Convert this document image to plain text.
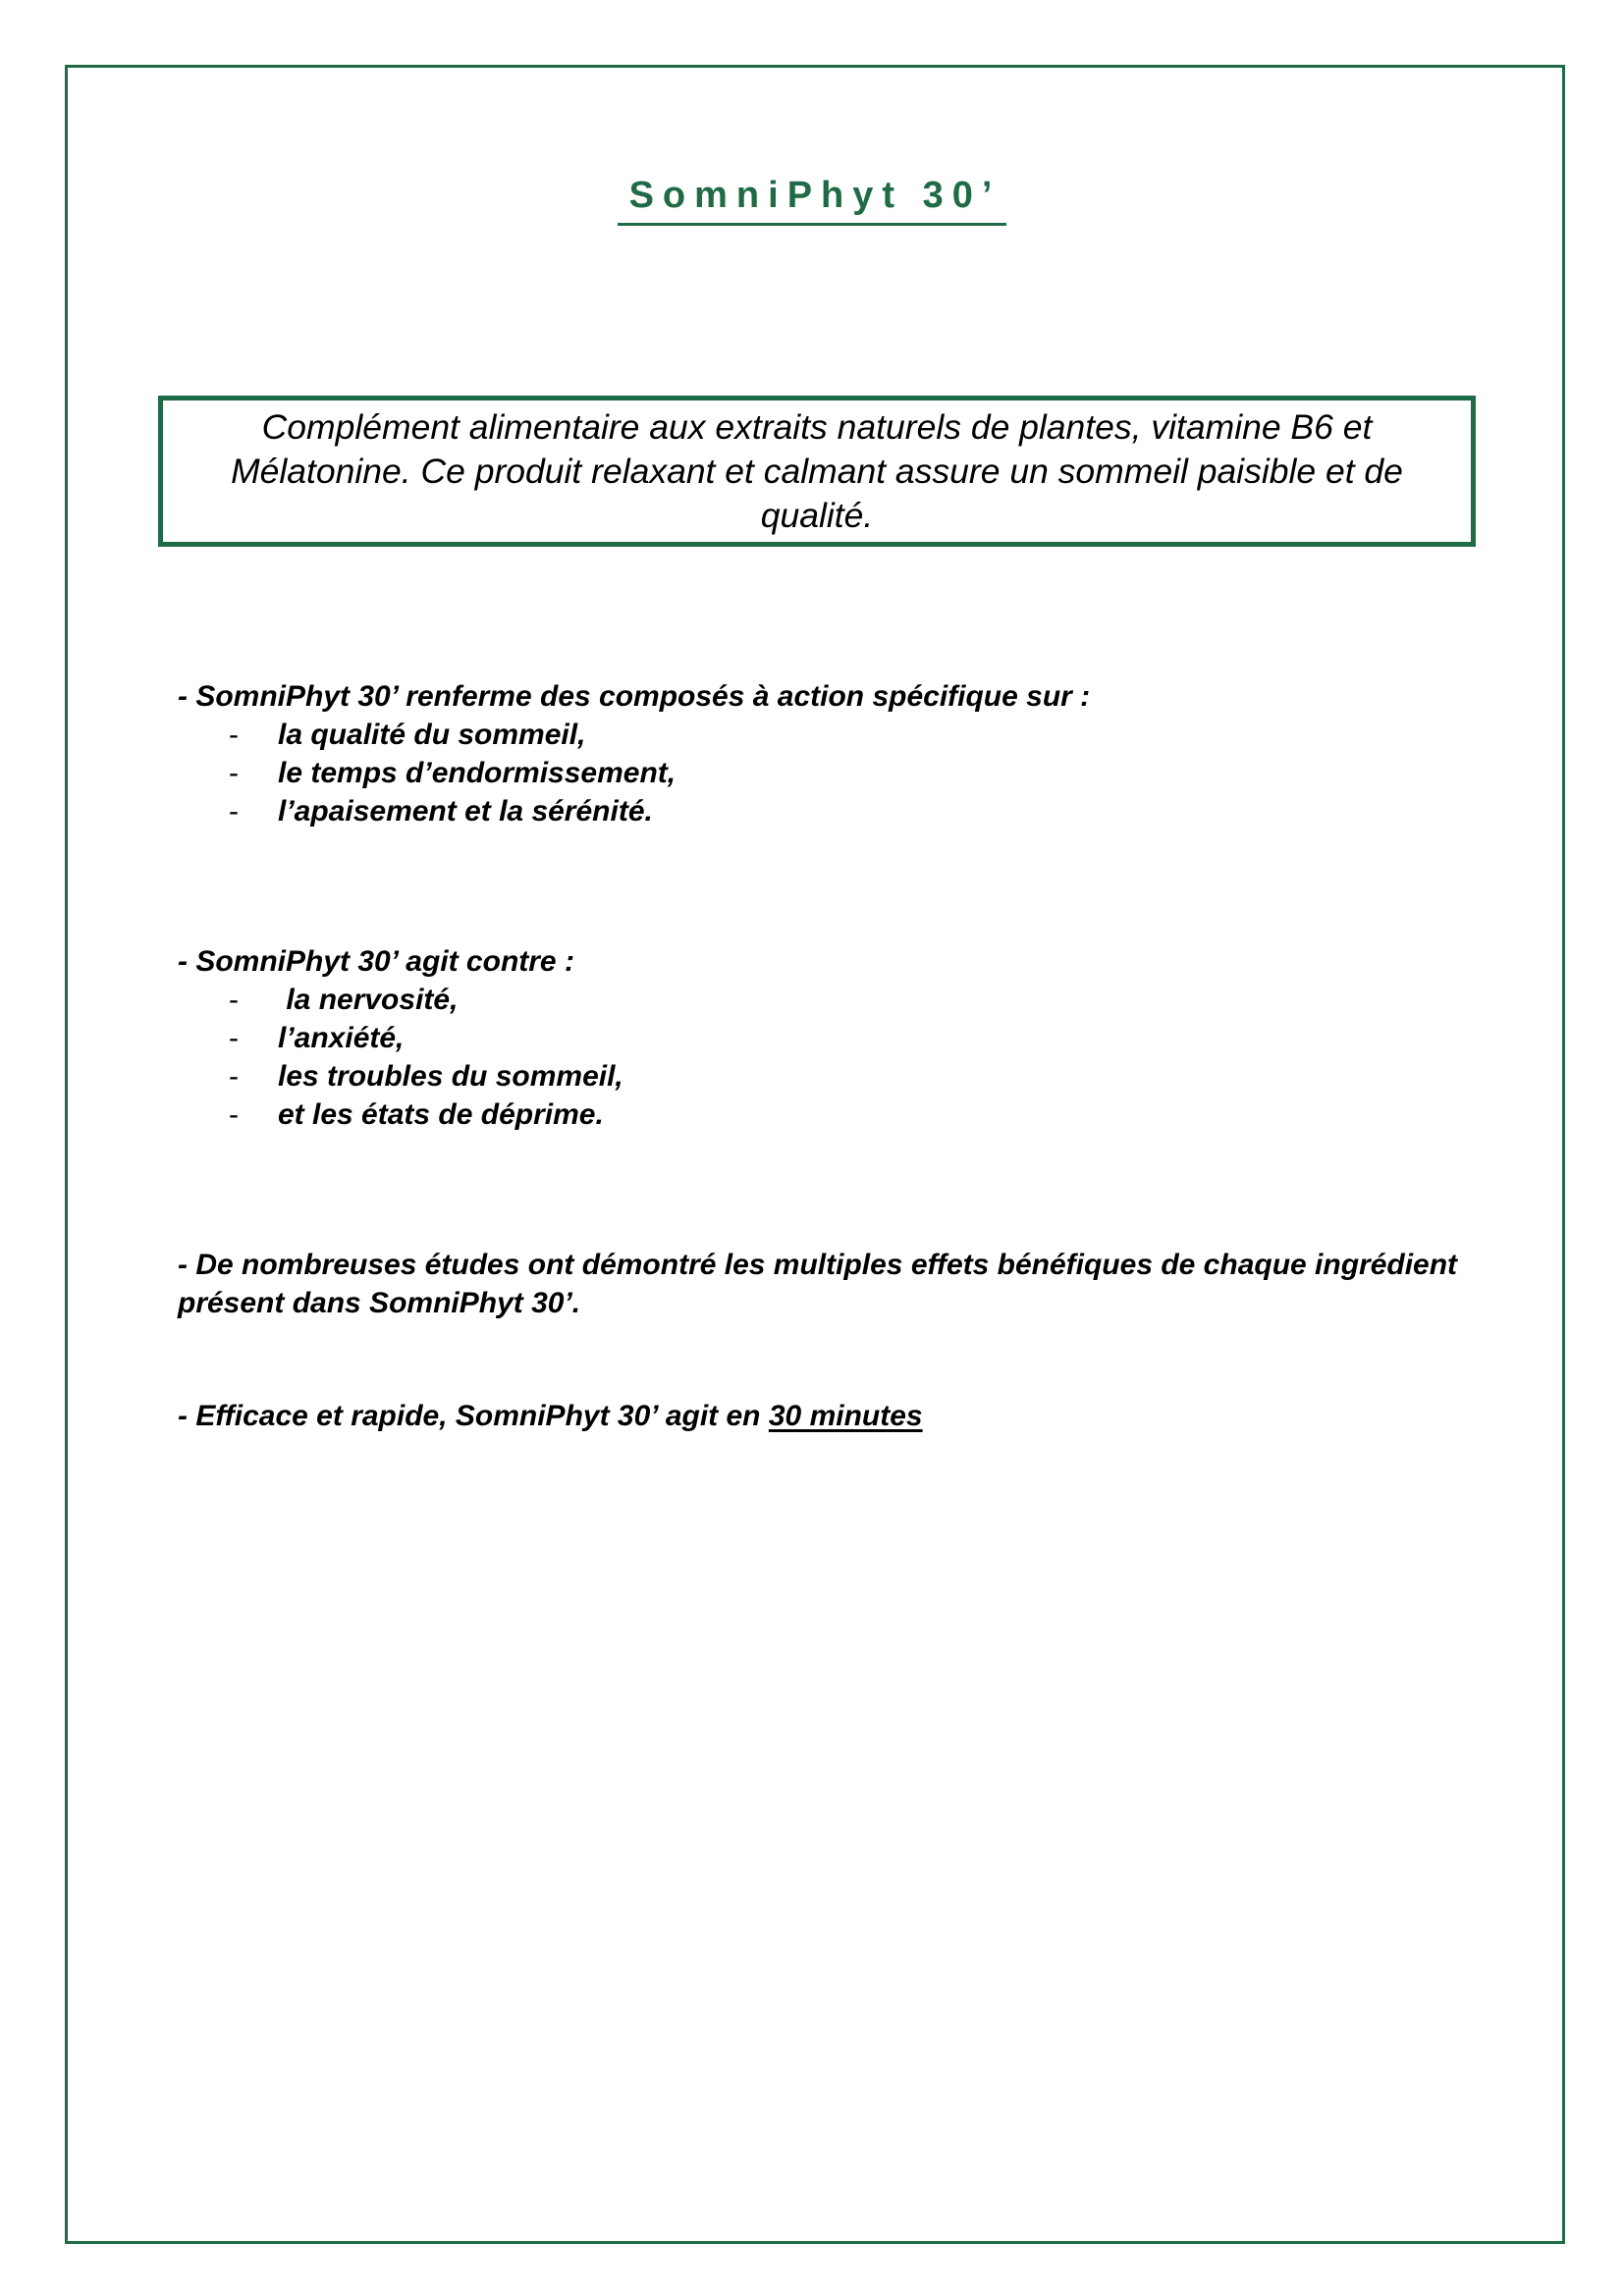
SomniPhyt 30’
Complément alimentaire aux extraits naturels de plantes, vitamine B6 et Mélatonine. Ce produit relaxant et calmant assure un sommeil paisible et de qualité.

- SomniPhyt 30’ renferme des composés à action spécifique sur :

- la qualité du sommeil,
- le temps d’endormissement,
- l’apaisement et la sérénité.

- SomniPhyt 30’ agit contre :

- la nervosité,
- l’anxiété,
- les troubles du sommeil,
- et les états de déprime.

- De nombreuses études ont démontré les multiples effets bénéfiques de chaque ingrédient présent dans SomniPhyt 30’.

- Efficace et rapide, SomniPhyt 30’ agit en 30 minutes
